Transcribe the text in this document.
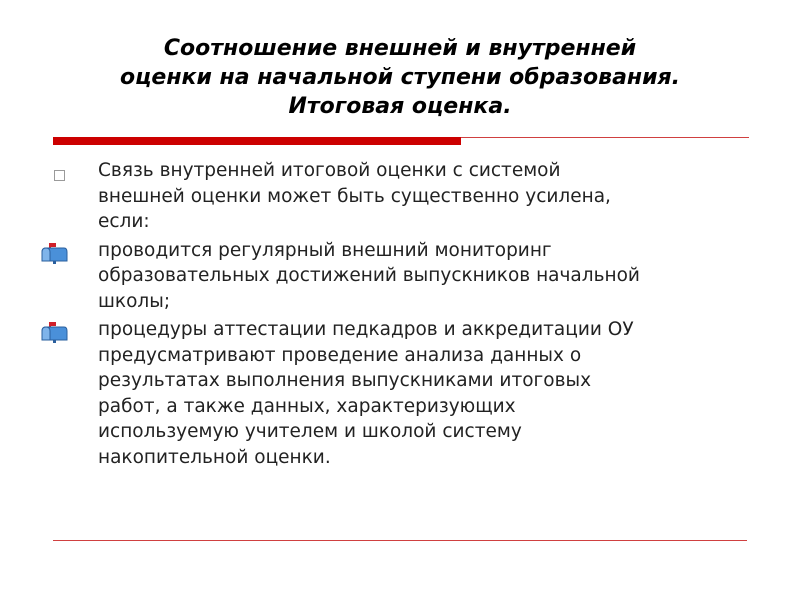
Соотношение внешней и внутренней
оценки на начальной ступени образования.
Итоговая оценка.
Связь внутренней итоговой оценки с системой
внешней оценки может быть существенно усилена,
если:
проводится регулярный внешний мониторинг
образовательных достижений выпускников начальной
школы;
процедуры аттестации педкадров и аккредитации ОУ
предусматривают проведение анализа данных о
результатах выполнения выпускниками итоговых
работ, а также данных, характеризующих
используемую учителем и школой систему
накопительной оценки.
